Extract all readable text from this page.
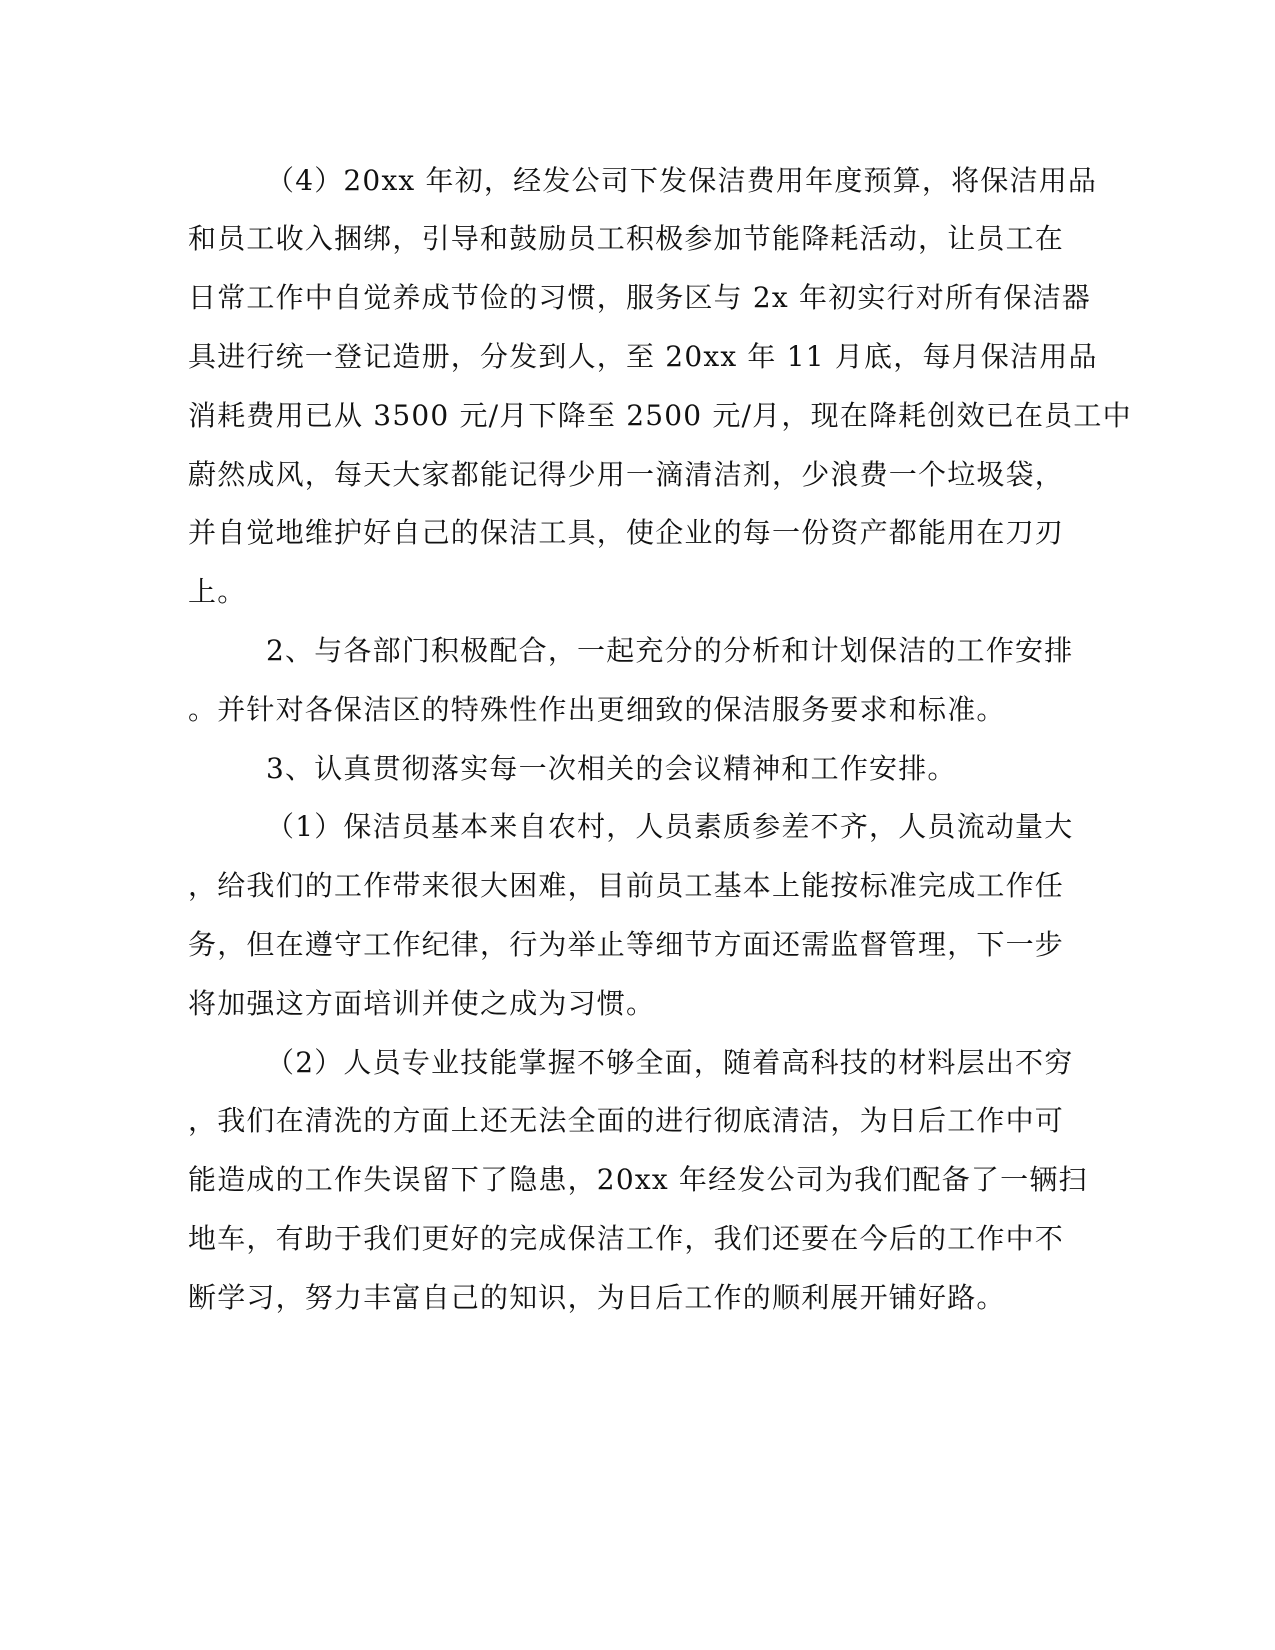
（4）20xx 年初，经发公司下发保洁费用年度预算，将保洁用品
和员工收入捆绑，引导和鼓励员工积极参加节能降耗活动，让员工在
日常工作中自觉养成节俭的习惯，服务区与 2x 年初实行对所有保洁器
具进行统一登记造册，分发到人，至 20xx 年 11 月底，每月保洁用品
消耗费用已从 3500 元/月下降至 2500 元/月，现在降耗创效已在员工中
蔚然成风，每天大家都能记得少用一滴清洁剂，少浪费一个垃圾袋，
并自觉地维护好自己的保洁工具，使企业的每一份资产都能用在刀刃
上。
2、与各部门积极配合，一起充分的分析和计划保洁的工作安排
。并针对各保洁区的特殊性作出更细致的保洁服务要求和标准。
3、认真贯彻落实每一次相关的会议精神和工作安排。
（1）保洁员基本来自农村，人员素质参差不齐，人员流动量大
，给我们的工作带来很大困难，目前员工基本上能按标准完成工作任
务，但在遵守工作纪律，行为举止等细节方面还需监督管理，下一步
将加强这方面培训并使之成为习惯。
（2）人员专业技能掌握不够全面，随着高科技的材料层出不穷
，我们在清洗的方面上还无法全面的进行彻底清洁，为日后工作中可
能造成的工作失误留下了隐患，20xx 年经发公司为我们配备了一辆扫
地车，有助于我们更好的完成保洁工作，我们还要在今后的工作中不
断学习，努力丰富自己的知识，为日后工作的顺利展开铺好路。
